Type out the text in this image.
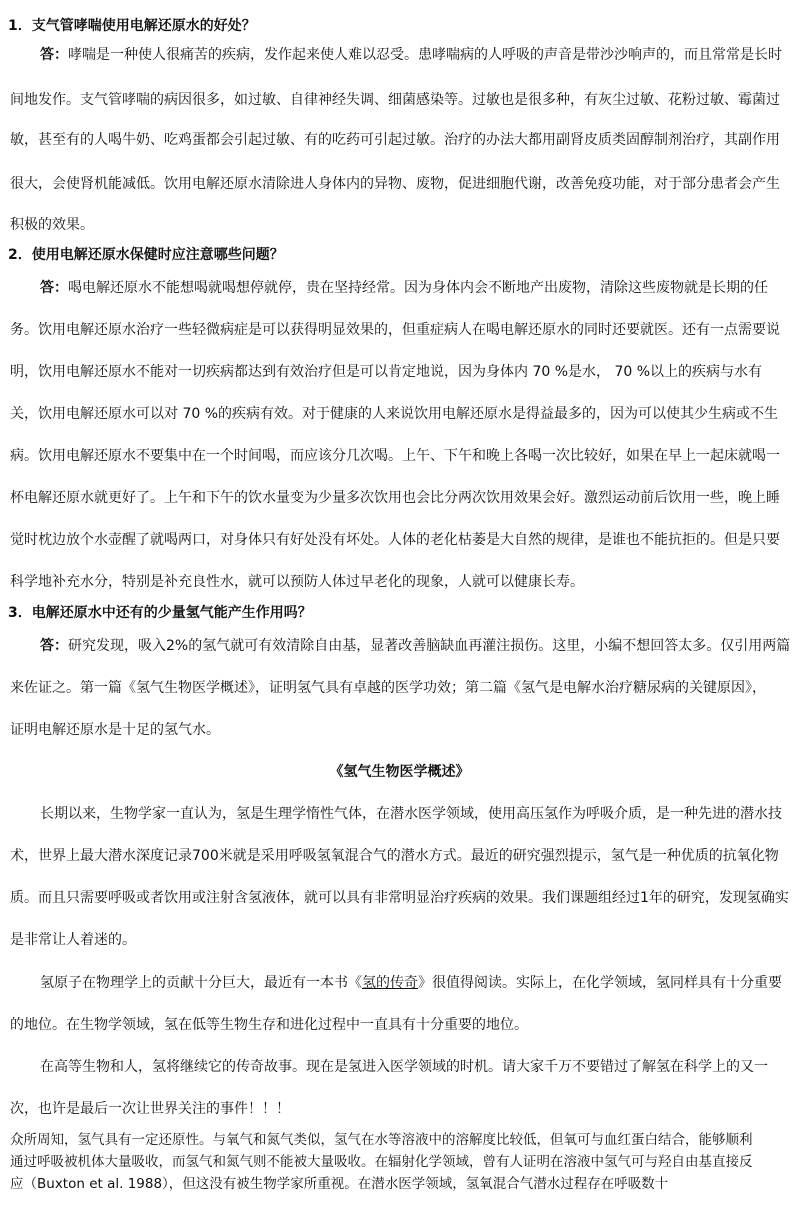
1．支气管哮喘使用电解还原水的好处？
答：哮喘是一种使人很痛苦的疾病，发作起来使人难以忍受。患哮喘病的人呼吸的声音是带沙沙响声的，而且常常是长时
间地发作。支气管哮喘的病因很多，如过敏、自律神经失调、细菌感染等。过敏也是很多种，有灰尘过敏、花粉过敏、霉菌过
敏，甚至有的人喝牛奶、吃鸡蛋都会引起过敏、有的吃药可引起过敏。治疗的办法大都用副肾皮质类固醇制剂治疗，其副作用
很大，会使肾机能减低。饮用电解还原水清除进人身体内的异物、废物，促进细胞代谢，改善免疫功能，对于部分患者会产生
积极的效果。
2．使用电解还原水保健时应注意哪些问题？
答：喝电解还原水不能想喝就喝想停就停，贵在坚持经常。因为身体内会不断地产出废物，清除这些废物就是长期的任
务。饮用电解还原水治疗一些轻微病症是可以获得明显效果的，但重症病人在喝电解还原水的同时还要就医。还有一点需要说
明，饮用电解还原水不能对一切疾病都达到有效治疗但是可以肯定地说，因为身体内 70 %是水， 70 %以上的疾病与水有
关，饮用电解还原水可以对 70 %的疾病有效。对于健康的人来说饮用电解还原水是得益最多的，因为可以使其少生病或不生
病。饮用电解还原水不要集中在一个时间喝，而应该分几次喝。上午、下午和晚上各喝一次比较好，如果在早上一起床就喝一
杯电解还原水就更好了。上午和下午的饮水量变为少量多次饮用也会比分两次饮用效果会好。激烈运动前后饮用一些，晚上睡
觉时枕边放个水壶醒了就喝两口，对身体只有好处没有坏处。人体的老化枯萎是大自然的规律，是谁也不能抗拒的。但是只要
科学地补充水分，特别是补充良性水，就可以预防人体过早老化的现象，人就可以健康长寿。
3．电解还原水中还有的少量氢气能产生作用吗？
答：研究发现，吸入2%的氢气就可有效清除自由基，显著改善脑缺血再灌注损伤。这里，小编不想回答太多。仅引用两篇
来佐证之。第一篇《氢气生物医学概述》，证明氢气具有卓越的医学功效；第二篇《氢气是电解水治疗糖尿病的关键原因》，
证明电解还原水是十足的氢气水。
《氢气生物医学概述》
长期以来，生物学家一直认为，氢是生理学惰性气体，在潜水医学领域，使用高压氢作为呼吸介质，是一种先进的潜水技
术，世界上最大潜水深度记录700米就是采用呼吸氢氧混合气的潜水方式。最近的研究强烈提示，氢气是一种优质的抗氧化物
质。而且只需要呼吸或者饮用或注射含氢液体，就可以具有非常明显治疗疾病的效果。我们课题组经过1年的研究，发现氢确实
是非常让人着迷的。
氢原子在物理学上的贡献十分巨大，最近有一本书《氢的传奇》很值得阅读。实际上，在化学领域，氢同样具有十分重要
的地位。在生物学领域，氢在低等生物生存和进化过程中一直具有十分重要的地位。
在高等生物和人，氢将继续它的传奇故事。现在是氢进入医学领域的时机。请大家千万不要错过了解氢在科学上的又一
次，也许是最后一次让世界关注的事件！！！
众所周知，氢气具有一定还原性。与氧气和氮气类似，氢气在水等溶液中的溶解度比较低，但氧可与血红蛋白结合，能够顺利
通过呼吸被机体大量吸收，而氢气和氮气则不能被大量吸收。在辐射化学领域，曾有人证明在溶液中氢气可与羟自由基直接反
应（Buxton et al. 1988），但这没有被生物学家所重视。在潜水医学领域，氢氧混合气潜水过程存在呼吸数十
